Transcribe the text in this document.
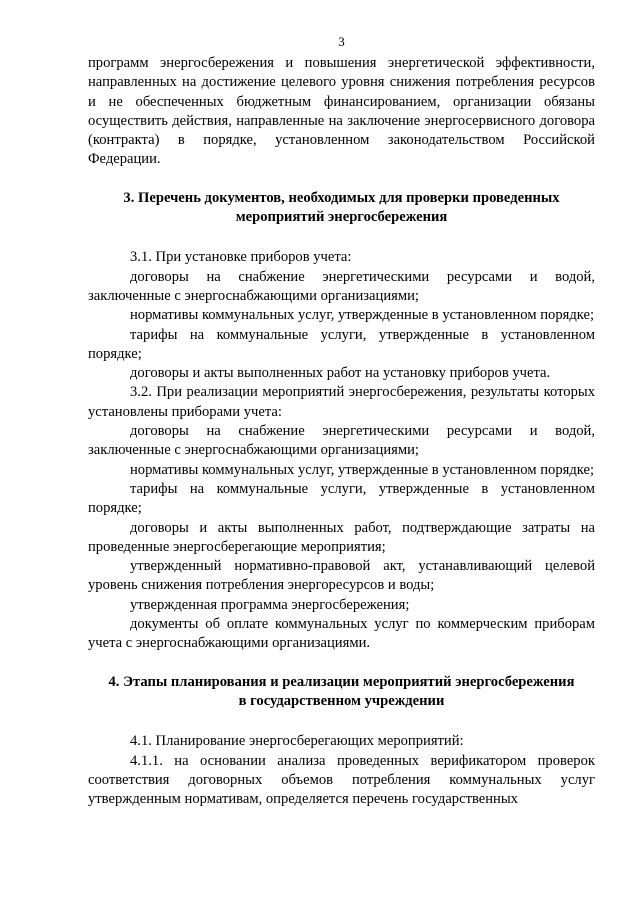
3

программ энергосбережения и повышения энергетической эффективности, направленных на достижение целевого уровня снижения потребления ресурсов и не обеспеченных бюджетным финансированием, организации обязаны осуществить действия, направленные на заключение энергосервисного договора (контракта) в порядке, установленном законодательством Российской Федерации.

3. Перечень документов, необходимых для проверки проведенных
мероприятий энергосбережения

3.1. При установке приборов учета:

договоры на снабжение энергетическими ресурсами и водой, заключенные с энергоснабжающими организациями;

нормативы коммунальных услуг, утвержденные в установленном порядке;

тарифы на коммунальные услуги, утвержденные в установленном порядке;

договоры и акты выполненных работ на установку приборов учета.

3.2. При реализации мероприятий энергосбережения, результаты которых установлены приборами учета:

договоры на снабжение энергетическими ресурсами и водой, заключенные с энергоснабжающими организациями;

нормативы коммунальных услуг, утвержденные в установленном порядке;

тарифы на коммунальные услуги, утвержденные в установленном порядке;

договоры и акты выполненных работ, подтверждающие затраты на проведенные энергосберегающие мероприятия;

утвержденный нормативно-правовой акт, устанавливающий целевой уровень снижения потребления энергоресурсов и воды;

утвержденная программа энергосбережения;

документы об оплате коммунальных услуг по коммерческим приборам учета с энергоснабжающими организациями.

4. Этапы планирования и реализации мероприятий энергосбережения
в государственном учреждении

4.1. Планирование энергосберегающих мероприятий:

4.1.1. на основании анализа проведенных верификатором проверок соответствия договорных объемов потребления коммунальных услуг утвержденным нормативам, определяется перечень государственных
